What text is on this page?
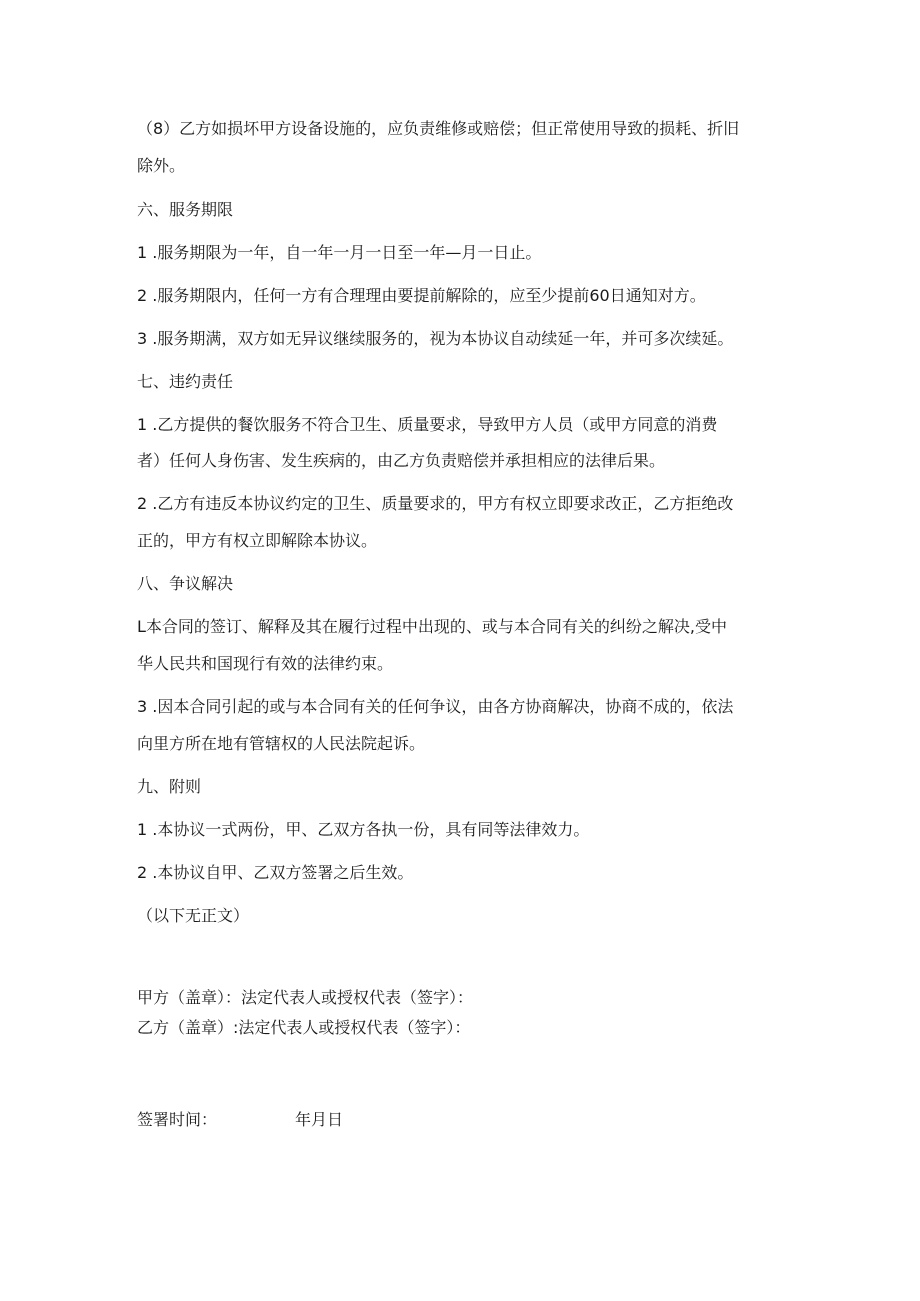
（8）乙方如损坏甲方设备设施的，应负责维修或赔偿；但正常使用导致的损耗、折旧
除外。
六、服务期限
1 .服务期限为一年，自一年一月一日至一年—月一日止。
2 .服务期限内，任何一方有合理理由要提前解除的，应至少提前60日通知对方。
3 .服务期满，双方如无异议继续服务的，视为本协议自动续延一年，并可多次续延。
七、违约责任
1 .乙方提供的餐饮服务不符合卫生、质量要求，导致甲方人员（或甲方同意的消费
者）任何人身伤害、发生疾病的，由乙方负责赔偿并承担相应的法律后果。
2 .乙方有违反本协议约定的卫生、质量要求的，甲方有权立即要求改正，乙方拒绝改
正的，甲方有权立即解除本协议。
八、争议解决
L本合同的签订、解释及其在履行过程中出现的、或与本合同有关的纠纷之解决,受中
华人民共和国现行有效的法律约束。
3 .因本合同引起的或与本合同有关的任何争议，由各方协商解决，协商不成的，依法
向里方所在地有管辖权的人民法院起诉。
九、附则
1 .本协议一式两份，甲、乙双方各执一份，具有同等法律效力。
2 .本协议自甲、乙双方签署之后生效。
（以下无正文）
甲方（盖章）：法定代表人或授权代表（签字）：
乙方（盖章）:法定代表人或授权代表（签字）：
签署时间：	年月日
